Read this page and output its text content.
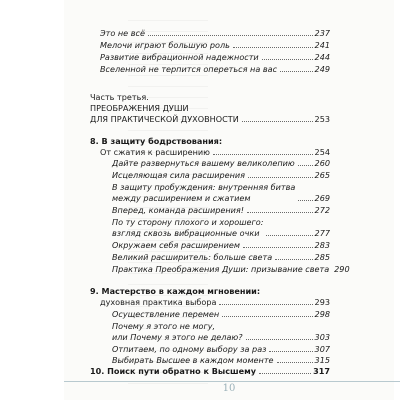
Это не всё	237
Мелочи играют большую роль	241
Развитие вибрационной надежности	244
Вселенной не терпится опереться на вас	249
Часть третья.
ПРЕОБРАЖЕНИЯ ДУШИ
ДЛЯ ПРАКТИЧЕСКОЙ ДУХОВНОСТИ	253
8. В защиту бодрствования:
От сжатия к расширению	254
Дайте развернуться вашему великолепию 260
Исцеляющая сила расширения	265
В защиту пробуждения: внутренняя битва
между расширением и сжатием	269
Вперед, команда расширения!	272
По ту сторону плохого и хорошего:
взгляд сквозь вибрационные очки	277
Окружаем себя расширением	283
Великий расширитель: больше света	285
Практика Преображения Души: призывание света 290
9. Мастерство в каждом мгновении:
духовная практика выбора	293
Осуществление перемен	298
Почему я этого не могу,
или Почему я этого не делаю?	303
Отпитаем, по одному выбору за раз	307
Выбирать Высшее в каждом моменте	315
10. Поиск пути обратно к Высшему	317
10
